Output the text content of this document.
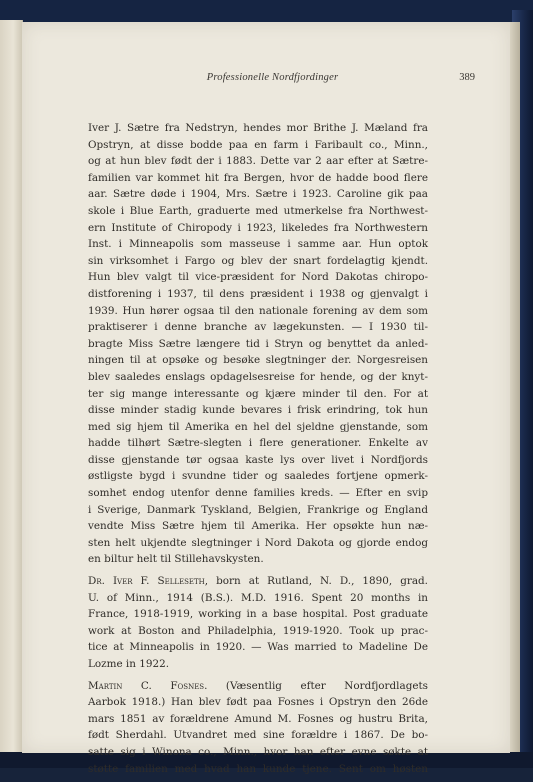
Professionelle Nordfjordinger	389

Iver J. Sætre fra Nedstryn, hendes mor Brithe J. Mæland fra
Opstryn, at disse bodde paa en farm i Faribault co., Minn.,
og at hun blev født der i 1883. Dette var 2 aar efter at Sætre-
familien var kommet hit fra Bergen, hvor de hadde bood flere
aar. Sætre døde i 1904, Mrs. Sætre i 1923. Caroline gik paa
skole i Blue Earth, graduerte med utmerkelse fra Northwest-
ern Institute of Chiropody i 1923, likeledes fra Northwestern
Inst. i Minneapolis som masseuse i samme aar. Hun optok
sin virksomhet i Fargo og blev der snart fordelagtig kjendt.
Hun blev valgt til vice-præsident for Nord Dakotas chiropo-
distforening i 1937, til dens præsident i 1938 og gjenvalgt i
1939. Hun hører ogsaa til den nationale forening av dem som
praktiserer i denne branche av lægekunsten. — I 1930 til-
bragte Miss Sætre længere tid i Stryn og benyttet da anled-
ningen til at opsøke og besøke slegtninger der. Norgesreisen
blev saaledes enslags opdagelsesreise for hende, og der knyt-
ter sig mange interessante og kjære minder til den. For at
disse minder stadig kunde bevares i frisk erindring, tok hun
med sig hjem til Amerika en hel del sjeldne gjenstande, som
hadde tilhørt Sætre-slegten i flere generationer. Enkelte av
disse gjenstande tør ogsaa kaste lys over livet i Nordfjords
østligste bygd i svundne tider og saaledes fortjene opmerk-
somhet endog utenfor denne families kreds. — Efter en svip
i Sverige, Danmark Tyskland, Belgien, Frankrige og England
vendte Miss Sætre hjem til Amerika. Her opsøkte hun næ-
sten helt ukjendte slegtninger i Nord Dakota og gjorde endog
en biltur helt til Stillehavskysten.

Dr. Iver F. Selleseth, born at Rutland, N. D., 1890, grad.
U. of Minn., 1914 (B.S.). M.D. 1916. Spent 20 months in
France, 1918-1919, working in a base hospital. Post graduate
work at Boston and Philadelphia, 1919-1920. Took up prac-
tice at Minneapolis in 1920. — Was married to Madeline De
Lozme in 1922.

Martin C. Fosnes. (Væsentlig efter Nordfjordlagets
Aarbok 1918.) Han blev født paa Fosnes i Opstryn den 26de
mars 1851 av forældrene Amund M. Fosnes og hustru Brita,
født Sherdahl. Utvandret med sine forældre i 1867. De bo-
satte sig i Winona co., Minn., hvor han efter evne søkte at
støtte familien med hvad han kunde tjene. Sent om høsten
